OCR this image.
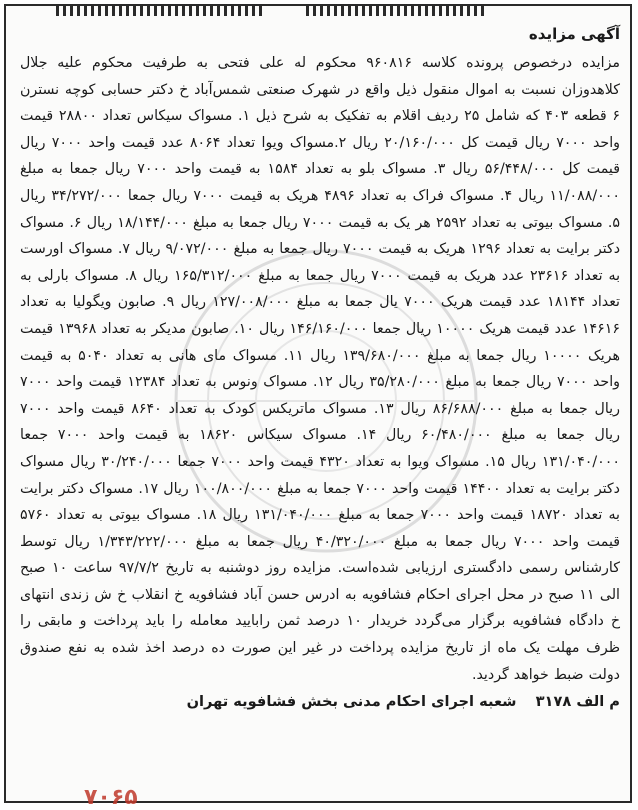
آگهی مزایده

مزایده درخصوص پرونده کلاسه ۹۶۰۸۱۶ محکوم له علی فتحی به طرفیت محکوم علیه جلال کلاهدوزان نسبت به اموال منقول ذیل واقع در شهرک صنعتی شمس‌آباد خ دکتر حسابی کوچه نسترن ۶ قطعه ۴۰۳ که شامل ۲۵ ردیف اقلام به تفکیک به شرح ذیل ۱. مسواک سیکاس تعداد ۲۸۸۰۰ قیمت واحد ۷۰۰۰ ریال قیمت کل ۲۰/۱۶۰/۰۰۰ ریال ۲.مسواک ویوا تعداد ۸۰۶۴ عدد قیمت واحد ۷۰۰۰ ریال قیمت کل ۵۶/۴۴۸/۰۰۰ ریال ۳. مسواک بلو به تعداد ۱۵۸۴ به قیمت واحد ۷۰۰۰ ریال جمعا به مبلغ ۱۱/۰۸۸/۰۰۰ ریال ۴. مسواک فراک به تعداد ۴۸۹۶ هریک به قیمت ۷۰۰۰ ریال جمعا ۳۴/۲۷۲/۰۰۰ ریال ۵. مسواک بیوتی به تعداد ۲۵۹۲ هر یک به قیمت ۷۰۰۰ ریال جمعا به مبلغ ۱۸/۱۴۴/۰۰۰ ریال ۶. مسواک دکتر برایت به تعداد ۱۲۹۶ هریک به قیمت ۷۰۰۰ ریال جمعا به مبلغ ۹/۰۷۲/۰۰۰ ریال ۷. مسواک اورست به تعداد ۲۳۶۱۶ عدد هریک به قیمت ۷۰۰۰ ریال جمعا به مبلغ ۱۶۵/۳۱۲/۰۰۰ ریال ۸. مسواک بارلی به تعداد ۱۸۱۴۴ عدد قیمت هریک ۷۰۰۰ یال جمعا به مبلغ ۱۲۷/۰۰۸/۰۰۰ ریال ۹. صابون ویگولیا به تعداد ۱۴۶۱۶ عدد قیمت هریک ۱۰۰۰۰ ریال جمعا ۱۴۶/۱۶۰/۰۰۰ ریال ۱۰. صابون مدیکر به تعداد ۱۳۹۶۸ قیمت هریک ۱۰۰۰۰ ریال جمعا به مبلغ ۱۳۹/۶۸۰/۰۰۰ ریال ۱۱. مسواک مای هانی به تعداد ۵۰۴۰ به قیمت واحد ۷۰۰۰ ریال جمعا به مبلغ ۳۵/۲۸۰/۰۰۰ ریال ۱۲. مسواک ونوس به تعداد ۱۲۳۸۴ قیمت واحد ۷۰۰۰ ریال جمعا به مبلغ ۸۶/۶۸۸/۰۰۰ ریال ۱۳. مسواک ماتریکس کودک به تعداد ۸۶۴۰ قیمت واحد ۷۰۰۰ ریال جمعا به مبلغ ۶۰/۴۸۰/۰۰۰ ریال ۱۴. مسواک سیکاس ۱۸۶۲۰ به قیمت واحد ۷۰۰۰ جمعا ۱۳۱/۰۴۰/۰۰۰ ریال ۱۵. مسواک ویوا به تعداد ۴۳۲۰ قیمت واحد ۷۰۰۰ جمعا ۳۰/۲۴۰/۰۰۰ ریال مسواک دکتر برایت به تعداد ۱۴۴۰۰ قیمت واحد ۷۰۰۰ جمعا به مبلغ ۱۰۰/۸۰۰/۰۰۰ ریال ۱۷. مسواک دکتر برایت به تعداد ۱۸۷۲۰ قیمت واحد ۷۰۰۰ جمعا به مبلغ ۱۳۱/۰۴۰/۰۰۰ ریال ۱۸. مسواک بیوتی به تعداد ۵۷۶۰ قیمت واحد ۷۰۰۰ ریال جمعا به مبلغ ۴۰/۳۲۰/۰۰۰ ریال جمعا به مبلغ ۱/۳۴۳/۲۲۲/۰۰۰ ریال توسط کارشناس رسمی دادگستری ارزیابی شده‌است. مزایده روز دوشنبه به تاریخ ۹۷/۷/۲ ساعت ۱۰ صبح الی ۱۱ صبح در محل اجرای احکام فشافویه به ادرس حسن آباد فشافویه خ انقلاب خ ش زندی انتهای خ دادگاه فشافویه برگزار می‌گردد خریدار ۱۰ درصد ثمن رابایید معامله را باید پرداخت و مابقی را ظرف مهلت یک ماه از تاریخ مزایده پرداخت در غیر این صورت ده درصد اخذ شده به نفع صندوق دولت ضبط خواهد گردید.

م الف ۳۱۷۸ شعبه اجرای احکام مدنی بخش فشافویه تهران
۷۰۶۵
